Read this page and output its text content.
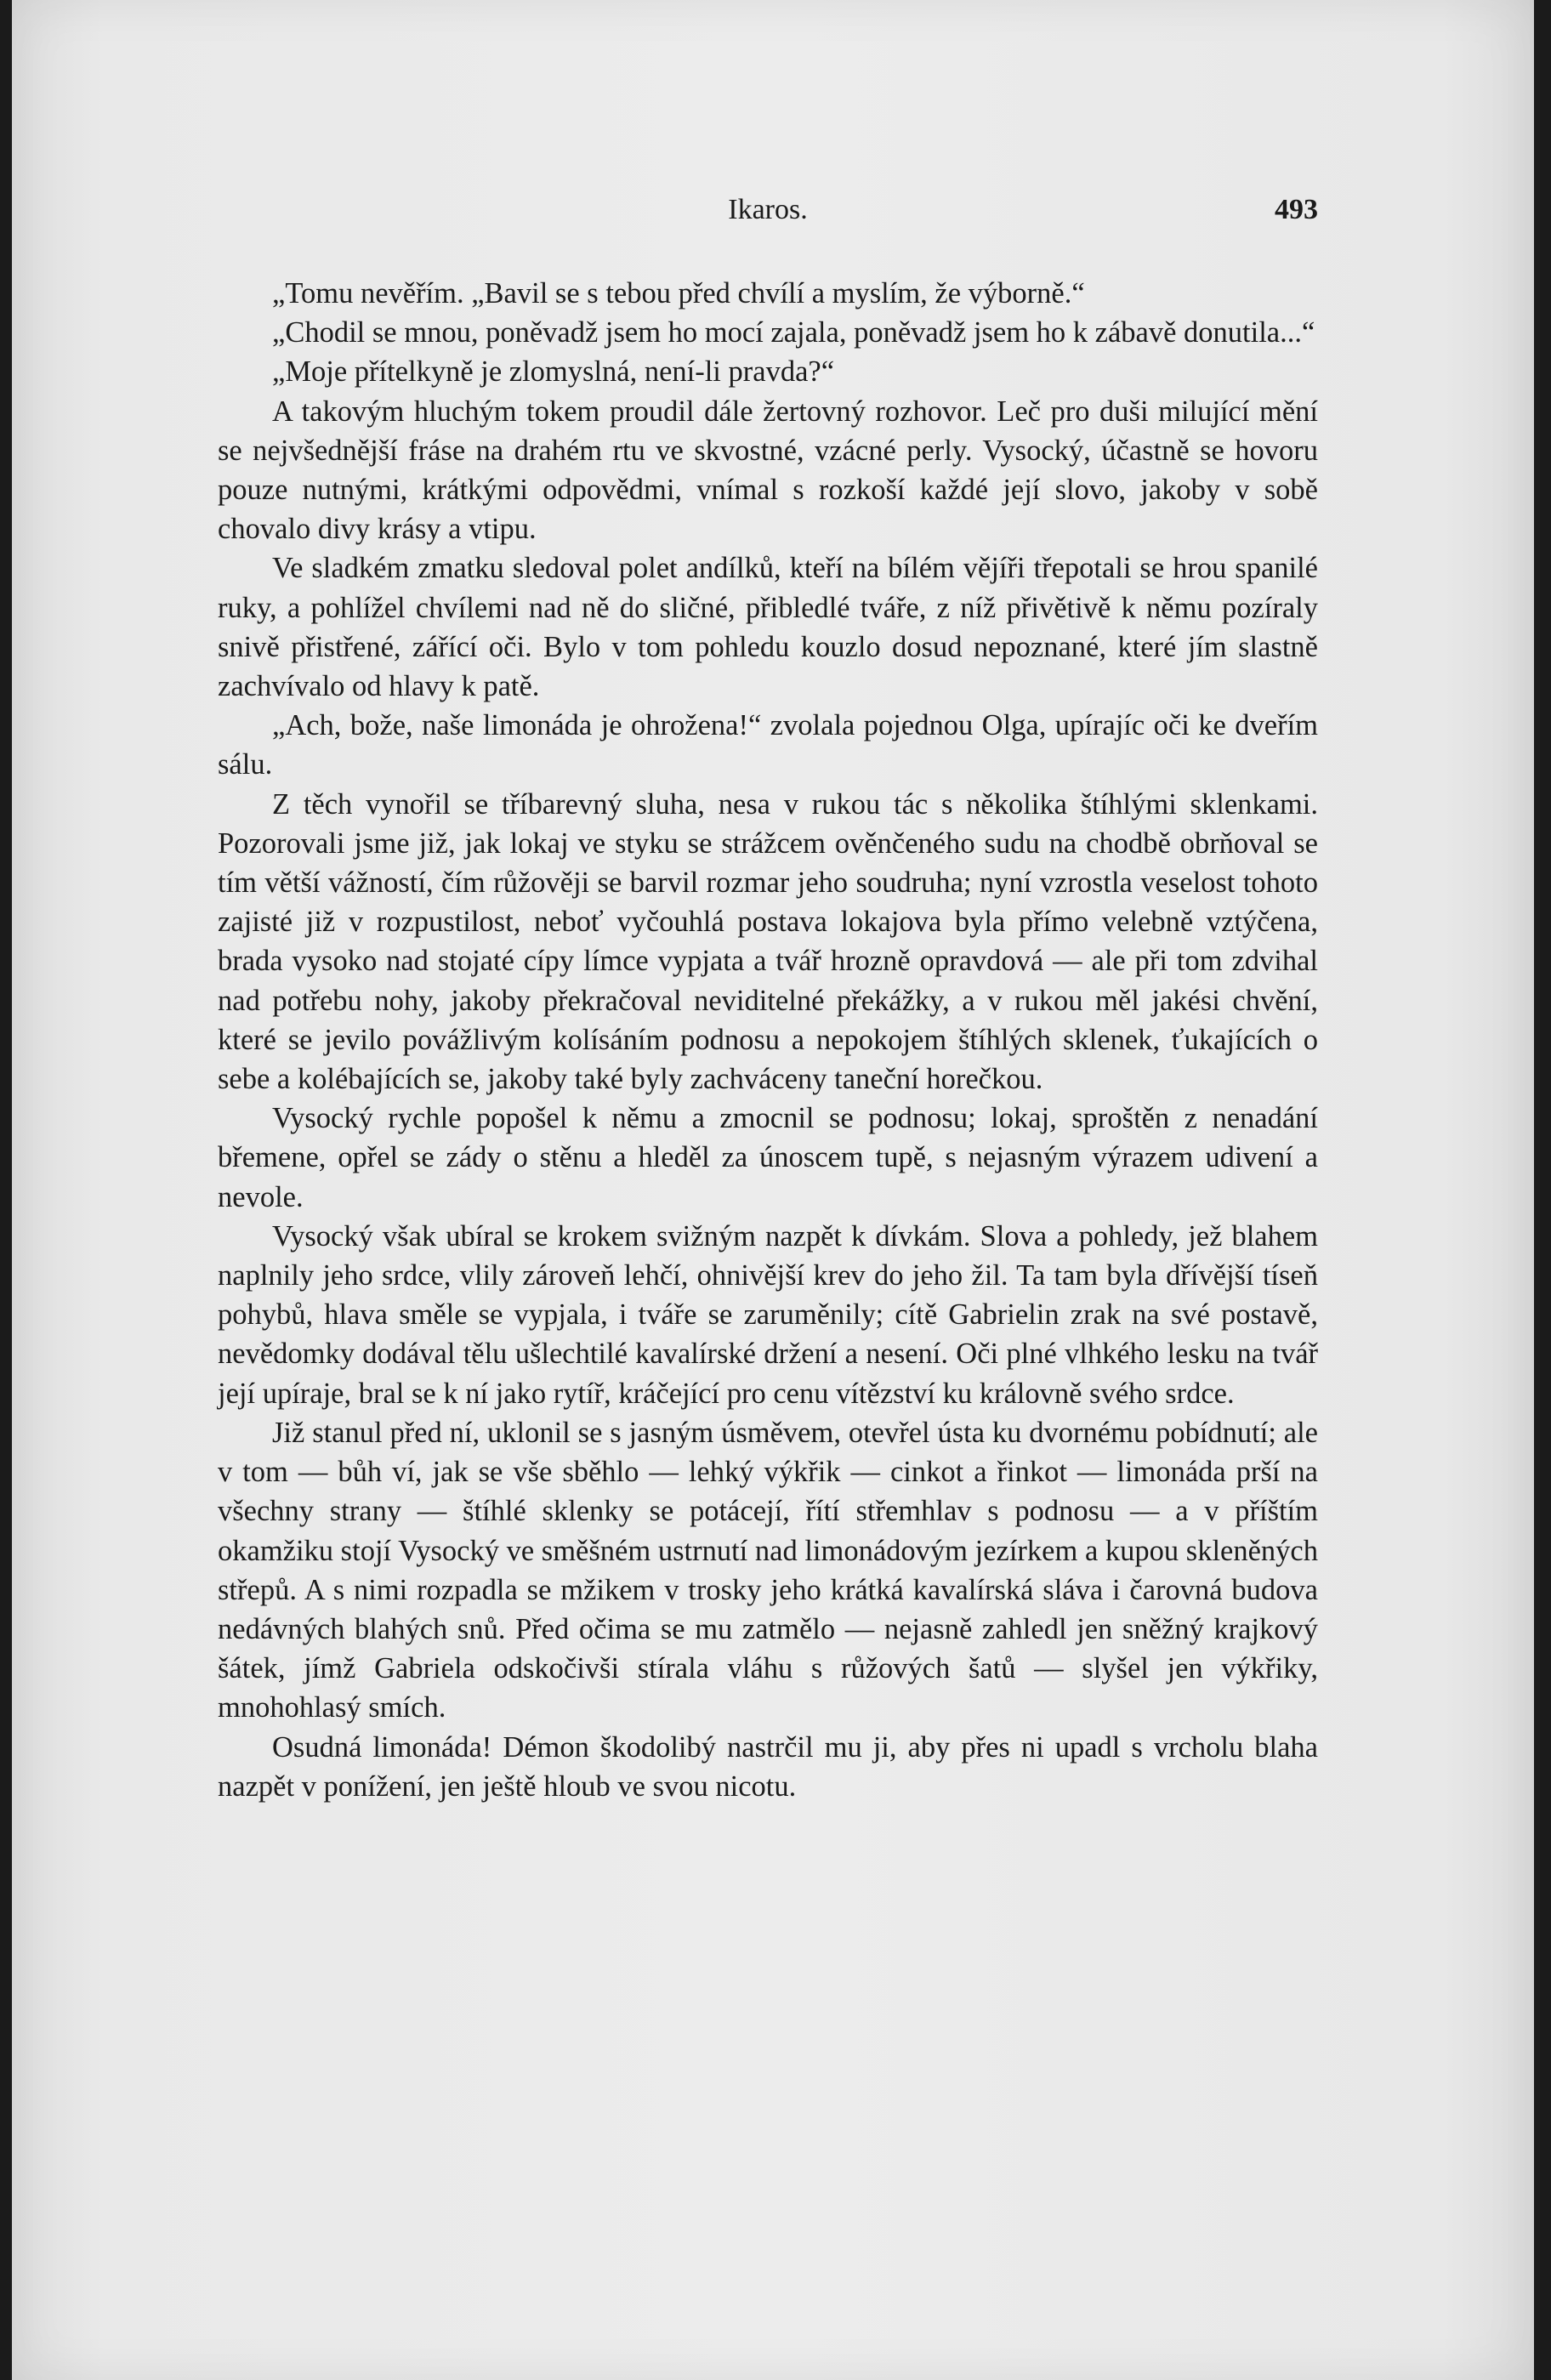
Ikaros.	493

„Tomu nevěřím. „Bavil se s tebou před chvílí a myslím, že výborně.“

„Chodil se mnou, poněvadž jsem ho mocí zajala, poněvadž jsem ho k zábavě donutila...“

„Moje přítelkyně je zlomyslná, není-li pravda?“

A takovým hluchým tokem proudil dále žertovný rozhovor. Leč pro duši milující mění se nejvšednější fráse na drahém rtu ve skvostné, vzácné perly. Vysocký, účastně se hovoru pouze nutnými, krátkými odpovědmi, vnímal s rozkoší každé její slovo, jakoby v sobě chovalo divy krásy a vtipu.

Ve sladkém zmatku sledoval polet andílků, kteří na bílém vějíři třepotali se hrou spanilé ruky, a pohlížel chvílemi nad ně do sličné, přibledlé tváře, z níž přivětivě k němu pozíraly snivě přistřené, zářící oči. Bylo v tom pohledu kouzlo dosud nepoznané, které jím slastně zachvívalo od hlavy k patě.

„Ach, bože, naše limonáda je ohrožena!“ zvolala pojednou Olga, upírajíc oči ke dveřím sálu.

Z těch vynořil se tříbarevný sluha, nesa v rukou tác s několika štíhlými sklenkami. Pozorovali jsme již, jak lokaj ve styku se strážcem ověnčeného sudu na chodbě obrňoval se tím větší vážností, čím růžověji se barvil rozmar jeho soudruha; nyní vzrostla veselost tohoto zajisté již v rozpustilost, neboť vyčouhlá postava lokajova byla přímo velebně vztýčena, brada vysoko nad stojaté cípy límce vypjata a tvář hrozně opravdová — ale při tom zdvihal nad potřebu nohy, jakoby překračoval neviditelné překážky, a v rukou měl jakési chvění, které se jevilo povážlivým kolísáním podnosu a nepokojem štíhlých sklenek, ťukajících o sebe a kolébajících se, jakoby také byly zachváceny taneční horečkou.

Vysocký rychle popošel k němu a zmocnil se podnosu; lokaj, sproštěn z nenadání břemene, opřel se zády o stěnu a hleděl za únoscem tupě, s nejasným výrazem udivení a nevole.

Vysocký však ubíral se krokem svižným nazpět k dívkám. Slova a pohledy, jež blahem naplnily jeho srdce, vlily zároveň lehčí, ohnivější krev do jeho žil. Ta tam byla dřívější tíseň pohybů, hlava směle se vypjala, i tváře se zaruměnily; cítě Gabrielin zrak na své postavě, nevědomky dodával tělu ušlechtilé kavalírské držení a nesení. Oči plné vlhkého lesku na tvář její upíraje, bral se k ní jako rytíř, kráčející pro cenu vítězství ku královně svého srdce.

Již stanul před ní, uklonil se s jasným úsměvem, otevřel ústa ku dvornému pobídnutí; ale v tom — bůh ví, jak se vše sběhlo — lehký výkřik — cinkot a řinkot — limonáda prší na všechny strany — štíhlé sklenky se potácejí, řítí střemhlav s podnosu — a v příštím okamžiku stojí Vysocký ve směšném ustrnutí nad limonádovým jezírkem a kupou skleněných střepů. A s nimi rozpadla se mžikem v trosky jeho krátká kavalírská sláva i čarovná budova nedávných blahých snů. Před očima se mu zatmělo — nejasně zahledl jen sněžný krajkový šátek, jímž Gabriela odskočivši stírala vláhu s růžových šatů — slyšel jen výkřiky, mnohohlasý smích.

Osudná limonáda! Démon škodolibý nastrčil mu ji, aby přes ni upadl s vrcholu blaha nazpět v ponížení, jen ještě hloub ve svou nicotu.
